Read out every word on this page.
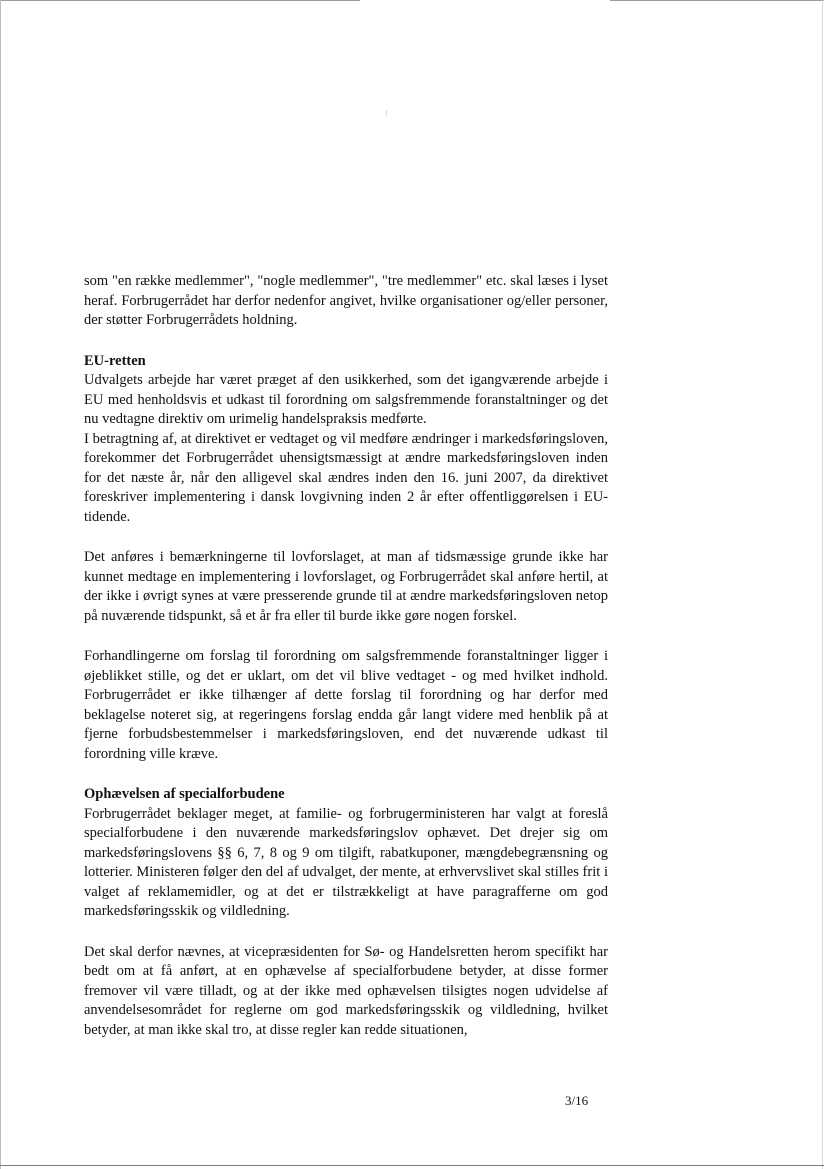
som "en række medlemmer", "nogle medlemmer", "tre medlemmer" etc. skal læses i lyset heraf. Forbrugerrådet har derfor nedenfor angivet, hvilke organisationer og/eller personer, der støtter Forbrugerrådets holdning.

EU-retten

Udvalgets arbejde har været præget af den usikkerhed, som det igangværende arbejde i EU med henholdsvis et udkast til forordning om salgsfremmende foranstaltninger og det nu vedtagne direktiv om urimelig handelspraksis medførte.

I betragtning af, at direktivet er vedtaget og vil medføre ændringer i markedsføringsloven, forekommer det Forbrugerrådet uhensigtsmæssigt at ændre markedsføringsloven inden for det næste år, når den alligevel skal ændres inden den 16. juni 2007, da direktivet foreskriver implementering i dansk lovgivning inden 2 år efter offentliggørelsen i EU-tidende.

Det anføres i bemærkningerne til lovforslaget, at man af tidsmæssige grunde ikke har kunnet medtage en implementering i lovforslaget, og Forbrugerrådet skal anføre hertil, at der ikke i øvrigt synes at være presserende grunde til at ændre markedsføringsloven netop på nuværende tidspunkt, så et år fra eller til burde ikke gøre nogen forskel.

Forhandlingerne om forslag til forordning om salgsfremmende foranstaltninger ligger i øjeblikket stille, og det er uklart, om det vil blive vedtaget - og med hvilket indhold. Forbrugerrådet er ikke tilhænger af dette forslag til forordning og har derfor med beklagelse noteret sig, at regeringens forslag endda går langt videre med henblik på at fjerne forbudsbestemmelser i markedsføringsloven, end det nuværende udkast til forordning ville kræve.

Ophævelsen af specialforbudene

Forbrugerrådet beklager meget, at familie- og forbrugerministeren har valgt at foreslå specialforbudene i den nuværende markedsføringslov ophævet. Det drejer sig om markedsføringslovens §§ 6, 7, 8 og 9 om tilgift, rabatkuponer, mængdebegrænsning og lotterier. Ministeren følger den del af udvalget, der mente, at erhvervslivet skal stilles frit i valget af reklamemidler, og at det er tilstrækkeligt at have paragrafferne om god markedsføringsskik og vildledning.

Det skal derfor nævnes, at vicepræsidenten for Sø- og Handelsretten herom specifikt har bedt om at få anført, at en ophævelse af specialforbudene betyder, at disse former fremover vil være tilladt, og at der ikke med ophævelsen tilsigtes nogen udvidelse af anvendelsesområdet for reglerne om god markedsføringsskik og vildledning, hvilket betyder, at man ikke skal tro, at disse regler kan redde situationen,

3/16
